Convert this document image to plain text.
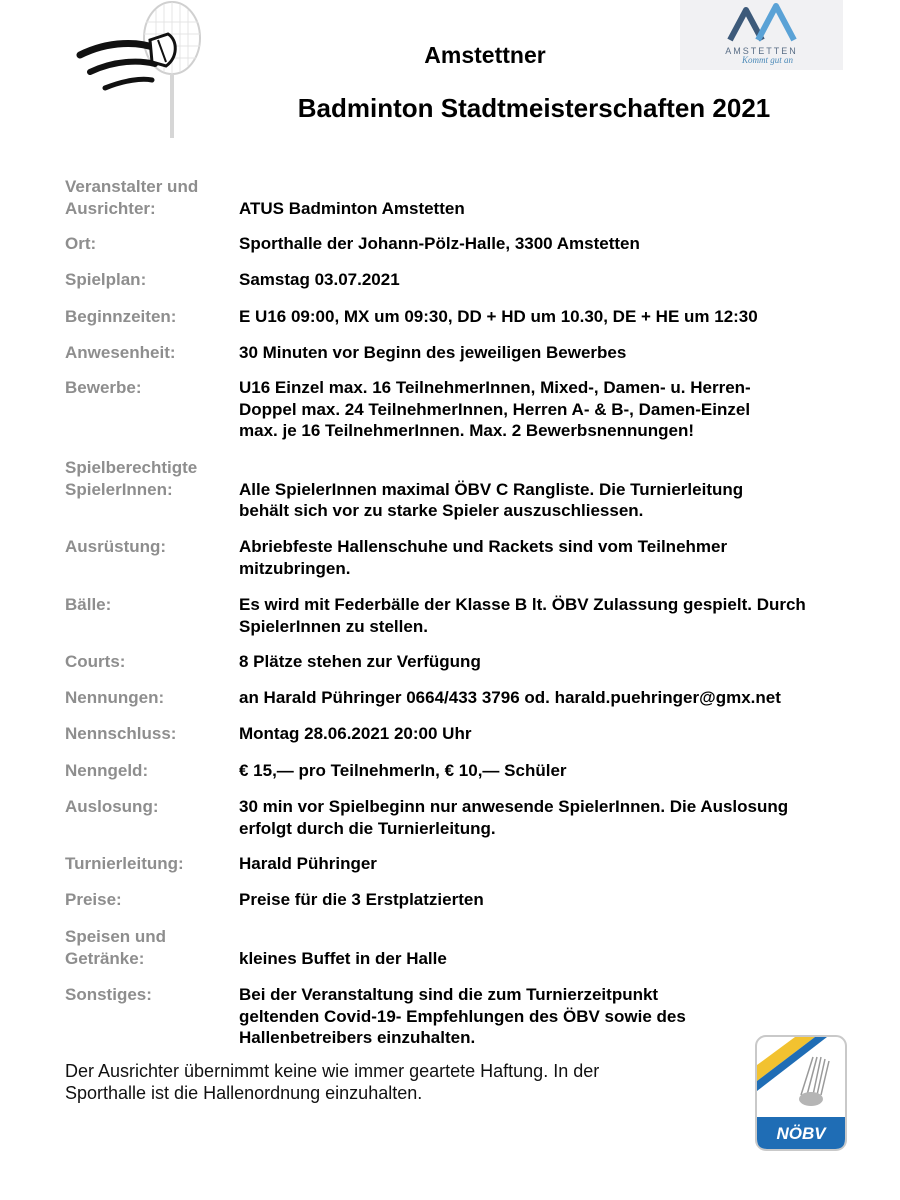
ATUS
Amstetten
AMSTETTEN
Kommt gut an
Amstettner
Badminton Stadtmeisterschaften 2021
Veranstalter und
Ausrichter:	
ATUS Badminton Amstetten
Ort:	Sporthalle der Johann-Pölz-Halle, 3300 Amstetten
Spielplan:	Samstag 03.07.2021
Beginnzeiten:	E U16 09:00, MX um 09:30, DD + HD um 10.30, DE + HE um 12:30
Anwesenheit:	30 Minuten vor Beginn des jeweiligen Bewerbes
Bewerbe:	U16 Einzel max. 16 TeilnehmerInnen, Mixed-, Damen- u. Herren-
Doppel max. 24 TeilnehmerInnen, Herren A- & B-, Damen-Einzel
max. je 16 TeilnehmerInnen. Max. 2 Bewerbsnennungen!
Spielberechtigte
SpielerInnen:	
Alle SpielerInnen maximal ÖBV C Rangliste. Die Turnierleitung
behält sich vor zu starke Spieler auszuschliessen.
Ausrüstung:	Abriebfeste Hallenschuhe und Rackets sind vom Teilnehmer
mitzubringen.
Bälle:	Es wird mit Federbälle der Klasse B lt. ÖBV Zulassung gespielt. Durch
SpielerInnen zu stellen.
Courts:	8 Plätze stehen zur Verfügung
Nennungen:	an Harald Pühringer 0664/433 3796 od. harald.puehringer@gmx.net
Nennschluss:	Montag 28.06.2021 20:00 Uhr
Nenngeld:	€ 15,— pro TeilnehmerIn, € 10,— Schüler
Auslosung:	30 min vor Spielbeginn nur anwesende SpielerInnen. Die Auslosung
erfolgt durch die Turnierleitung.
Turnierleitung:	Harald Pühringer
Preise:	Preise für die 3 Erstplatzierten
Speisen und
Getränke:	
kleines Buffet in der Halle
Sonstiges:	Bei der Veranstaltung sind die zum Turnierzeitpunkt
geltenden Covid-19- Empfehlungen des ÖBV sowie des
Hallenbetreibers einzuhalten.
Der Ausrichter übernimmt keine wie immer geartete Haftung. In der
Sporthalle ist die Hallenordnung einzuhalten.
NÖBV
